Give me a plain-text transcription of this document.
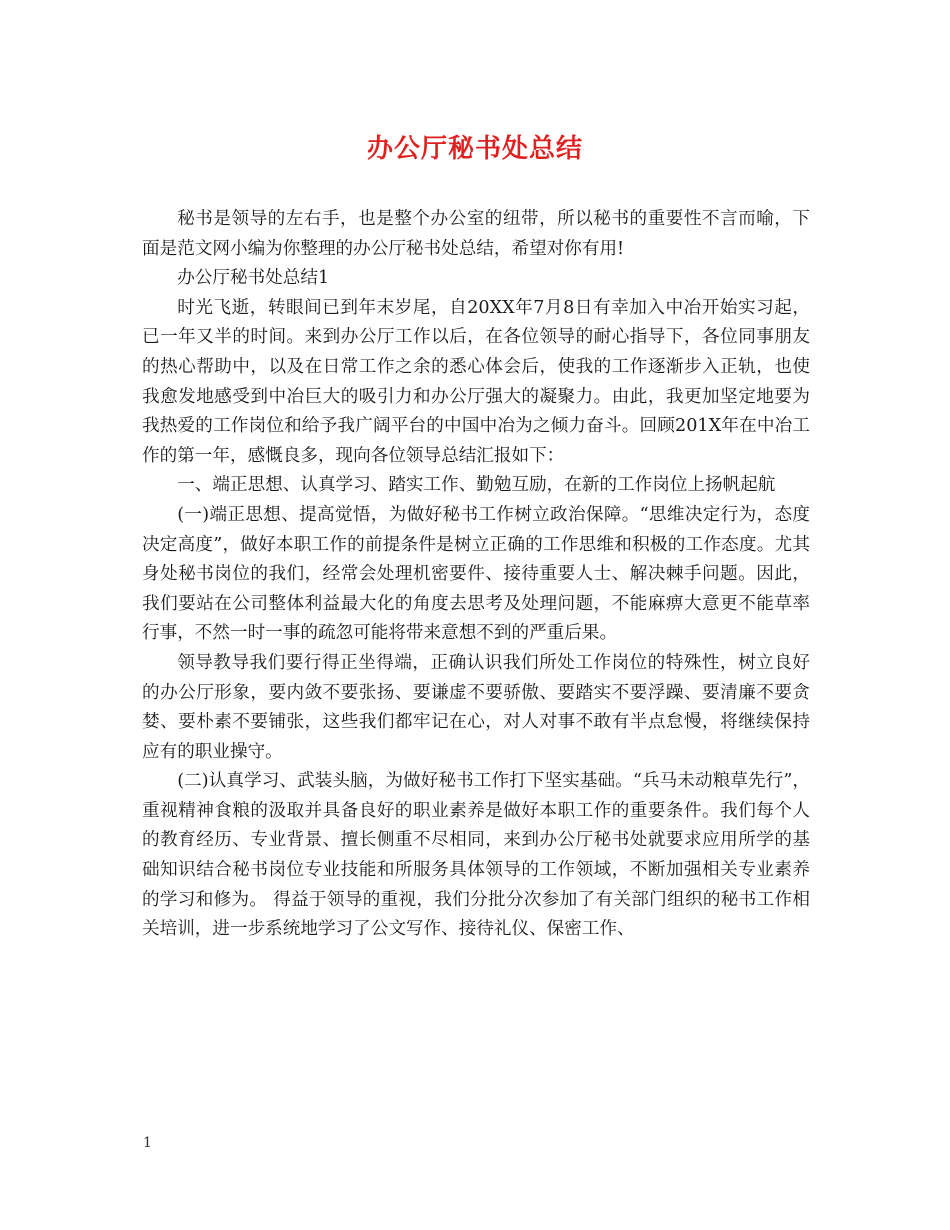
办公厅秘书处总结

秘书是领导的左右手，也是整个办公室的纽带，所以秘书的重要性不言而喻，下面是范文网小编为你整理的办公厅秘书处总结，希望对你有用!

办公厅秘书处总结1

时光飞逝，转眼间已到年末岁尾，自20XX年7月8日有幸加入中冶开始实习起，已一年又半的时间。来到办公厅工作以后，在各位领导的耐心指导下，各位同事朋友的热心帮助中，以及在日常工作之余的悉心体会后，使我的工作逐渐步入正轨，也使我愈发地感受到中冶巨大的吸引力和办公厅强大的凝聚力。由此，我更加坚定地要为我热爱的工作岗位和给予我广阔平台的中国中冶为之倾力奋斗。回顾201X年在中冶工作的第一年，感慨良多，现向各位领导总结汇报如下：

一、端正思想、认真学习、踏实工作、勤勉互励，在新的工作岗位上扬帆起航

(一)端正思想、提高觉悟，为做好秘书工作树立政治保障。“思维决定行为，态度决定高度”，做好本职工作的前提条件是树立正确的工作思维和积极的工作态度。尤其身处秘书岗位的我们，经常会处理机密要件、接待重要人士、解决棘手问题。因此，我们要站在公司整体利益最大化的角度去思考及处理问题，不能麻痹大意更不能草率行事，不然一时一事的疏忽可能将带来意想不到的严重后果。

领导教导我们要行得正坐得端，正确认识我们所处工作岗位的特殊性，树立良好的办公厅形象，要内敛不要张扬、要谦虚不要骄傲、要踏实不要浮躁、要清廉不要贪婪、要朴素不要铺张，这些我们都牢记在心，对人对事不敢有半点怠慢，将继续保持应有的职业操守。

(二)认真学习、武装头脑，为做好秘书工作打下坚实基础。“兵马未动粮草先行”，重视精神食粮的汲取并具备良好的职业素养是做好本职工作的重要条件。我们每个人的教育经历、专业背景、擅长侧重不尽相同，来到办公厅秘书处就要求应用所学的基础知识结合秘书岗位专业技能和所服务具体领导的工作领域，不断加强相关专业素养的学习和修为。 得益于领导的重视，我们分批分次参加了有关部门组织的秘书工作相关培训，进一步系统地学习了公文写作、接待礼仪、保密工作、

1
